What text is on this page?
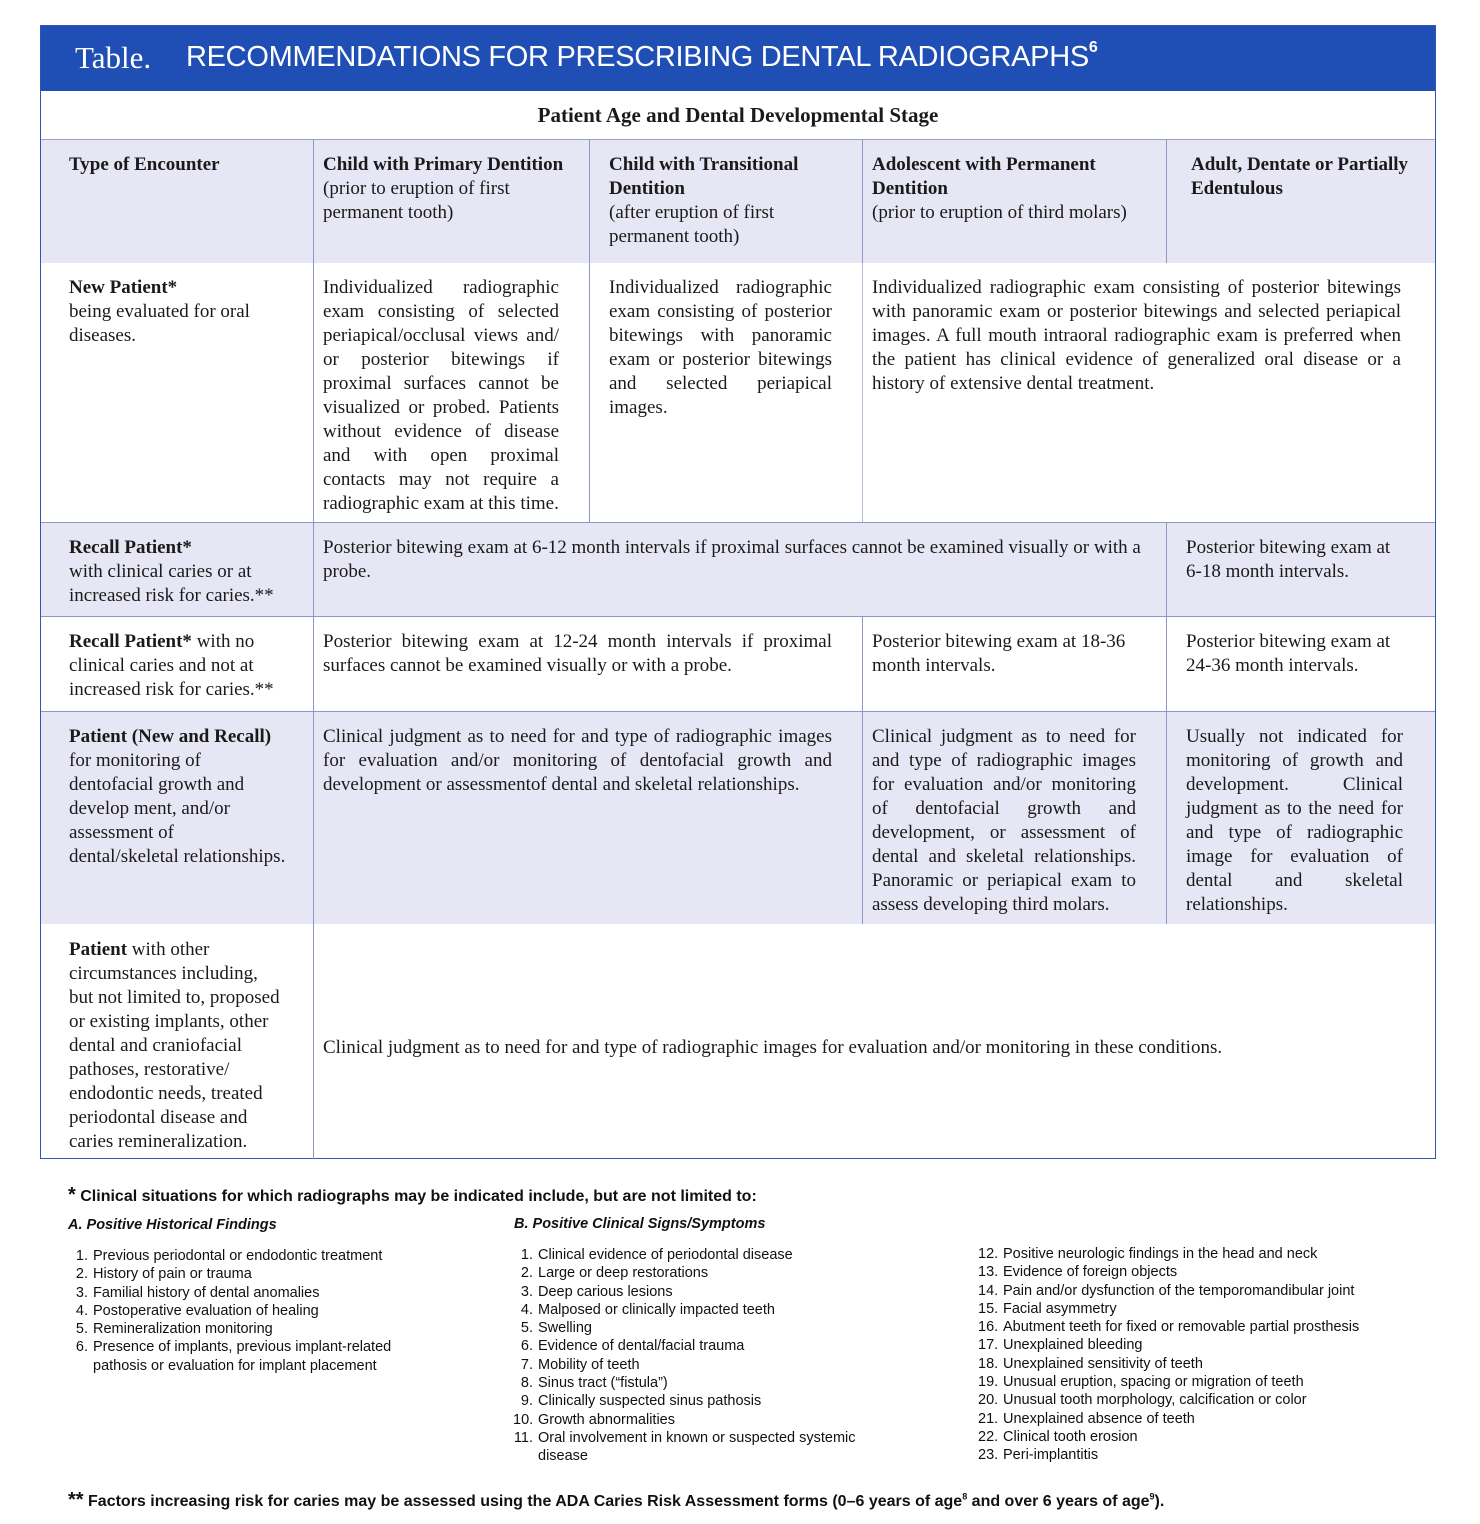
Table. RECOMMENDATIONS FOR PRESCRIBING DENTAL RADIOGRAPHS$^6$
Patient Age and Dental Developmental Stage
Type of Encounter	Child with Primary Dentition
(prior to eruption of first permanent tooth)
Child with Transitional Dentition
(after eruption of first permanent tooth)
Adolescent with Permanent Dentition
(prior to eruption of third molars)
Adult, Dentate or Partially Edentulous
New Patient*
being evaluated for oral diseases.
Individualized radiographic exam consisting of selected periapical/occlusal views and/ or posterior bitewings if proximal surfaces cannot be visualized or probed. Patients without evidence of disease and with open proximal contacts may not require a radiographic exam at this time.
Individualized radiographic exam consisting of posterior bitewings with panoramic exam or posterior bitewings and selected periapical images.
Individualized radiographic exam consisting of posterior bitewings with panoramic exam or posterior bitewings and selected periapical images. A full mouth intraoral radiographic exam is preferred when the patient has clinical evidence of generalized oral disease or a history of extensive dental treatment.
Recall Patient*
with clinical caries or at increased risk for caries.**
Posterior bitewing exam at 6-12 month intervals if proximal surfaces cannot be examined visually or with a probe.
Posterior bitewing exam at 6-18 month intervals.
Recall Patient* with no clinical caries and not at increased risk for caries.**
Posterior bitewing exam at 12-24 month intervals if proximal surfaces cannot be examined visually or with a probe.
Posterior bitewing exam at 18-36 month intervals.
Posterior bitewing exam at 24-36 month intervals.
Patient (New and Recall) for monitoring of dentofacial growth and develop ment, and/or assessment of dental/skeletal relationships.
Clinical judgment as to need for and type of radiographic images for evaluation and/or monitoring of dentofacial growth and development or assessmentof dental and skeletal relationships.
Clinical judgment as to need for and type of radiographic images for evaluation and/or monitoring of dentofacial growth and development, or assessment of dental and skeletal relationships. Panoramic or periapical exam to assess developing third molars.
Usually not indicated for monitoring of growth and development. Clinical judgment as to the need for and type of radiographic image for evaluation of dental and skeletal relationships.
Patient with other circumstances including, but not limited to, proposed or existing implants, other dental and craniofacial pathoses, restorative/ endodontic needs, treated periodontal disease and caries remineralization.
Clinical judgment as to need for and type of radiographic images for evaluation and/or monitoring in these conditions.
* Clinical situations for which radiographs may be indicated include, but are not limited to:
A. Positive Historical Findings	B. Positive Clinical Signs/Symptoms
1. Previous periodontal or endodontic treatment
2. History of pain or trauma
3. Familial history of dental anomalies
4. Postoperative evaluation of healing
5. Remineralization monitoring
6. Presence of implants, previous implant-related pathosis or evaluation for implant placement
1. Clinical evidence of periodontal disease
2. Large or deep restorations
3. Deep carious lesions
4. Malposed or clinically impacted teeth
5. Swelling
6. Evidence of dental/facial trauma
7. Mobility of teeth
8. Sinus tract (“fistula”)
9. Clinically suspected sinus pathosis
10. Growth abnormalities
11. Oral involvement in known or suspected systemic disease
12. Positive neurologic findings in the head and neck
13. Evidence of foreign objects
14. Pain and/or dysfunction of the temporomandibular joint
15. Facial asymmetry
16. Abutment teeth for fixed or removable partial prosthesis
17. Unexplained bleeding
18. Unexplained sensitivity of teeth
19. Unusual eruption, spacing or migration of teeth
20. Unusual tooth morphology, calcification or color
21. Unexplained absence of teeth
22. Clinical tooth erosion
23. Peri-implantitis
** Factors increasing risk for caries may be assessed using the ADA Caries Risk Assessment forms (0–6 years of age$^8$ and over 6 years of age$^9$).
